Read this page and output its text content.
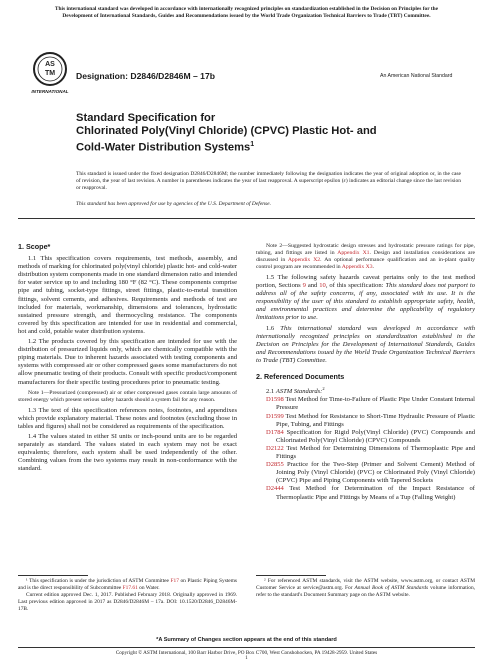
This international standard was developed in accordance with internationally recognized principles on standardization established in the Decision on Principles for the Development of International Standards, Guides and Recommendations issued by the World Trade Organization Technical Barriers to Trade (TBT) Committee.
AS
TM
INTERNATIONAL
Designation: D2846/D2846M – 17b	An American National Standard
Standard Specification for
Chlorinated Poly(Vinyl Chloride) (CPVC) Plastic Hot- and
Cold-Water Distribution Systems$^1$
This standard is issued under the fixed designation D2846/D2846M; the number immediately following the designation indicates the year of original adoption or, in the case of revision, the year of last revision. A number in parentheses indicates the year of last reapproval. A superscript epsilon (ε) indicates an editorial change since the last revision or reapproval.
This standard has been approved for use by agencies of the U.S. Department of Defense.

1. Scope*

1.1 This specification covers requirements, test methods, assembly, and methods of marking for chlorinated poly(vinyl chloride) plastic hot- and cold-water distribution system components made in one standard dimension ratio and intended for water service up to and including 180 °F (82 °C). These components comprise pipe and tubing, socket-type fittings, street fittings, plastic-to-metal transition fittings, solvent cements, and adhesives. Requirements and methods of test are included for materials, workmanship, dimensions and tolerances, hydrostatic sustained pressure strength, and thermocycling resistance. The components covered by this specification are intended for use in residential and commercial, hot and cold, potable water distribution systems.

1.2 The products covered by this specification are intended for use with the distribution of pressurized liquids only, which are chemically compatible with the piping materials. Due to inherent hazards associated with testing components and systems with compressed air or other compressed gases some manufacturers do not allow pneumatic testing of their products. Consult with specific product/component manufacturers for their specific testing procedures prior to pneumatic testing.

Note 1—Pressurized (compressed) air or other compressed gases contain large amounts of stored energy which present serious safety hazards should a system fail for any reason.

1.3 The text of this specification references notes, footnotes, and appendixes which provide explanatory material. These notes and footnotes (excluding those in tables and figures) shall not be considered as requirements of the specification.

1.4 The values stated in either SI units or inch-pound units are to be regarded separately as standard. The values stated in each system may not be exact equivalents; therefore, each system shall be used independently of the other. Combining values from the two systems may result in non-conformance with the standard.

Note 2—Suggested hydrostatic design stresses and hydrostatic pressure ratings for pipe, tubing, and fittings are listed in Appendix X1. Design and installation considerations are discussed in Appendix X2. An optional performance qualification and an in-plant quality control program are recommended in Appendix X3.

1.5 The following safety hazards caveat pertains only to the test method portion, Sections 9 and 10, of this specification: This standard does not purport to address all of the safety concerns, if any, associated with its use. It is the responsibility of the user of this standard to establish appropriate safety, health, and environmental practices and determine the applicability of regulatory limitations prior to use.

1.6 This international standard was developed in accordance with internationally recognized principles on standardization established in the Decision on Principles for the Development of International Standards, Guides and Recommendations issued by the World Trade Organization Technical Barriers to Trade (TBT) Committee.

2. Referenced Documents

2.1 ASTM Standards:$^2$

D1598 Test Method for Time-to-Failure of Plastic Pipe Under Constant Internal Pressure

D1599 Test Method for Resistance to Short-Time Hydraulic Pressure of Plastic Pipe, Tubing, and Fittings

D1784 Specification for Rigid Poly(Vinyl Chloride) (PVC) Compounds and Chlorinated Poly(Vinyl Chloride) (CPVC) Compounds

D2122 Test Method for Determining Dimensions of Thermoplastic Pipe and Fittings

D2855 Practice for the Two-Step (Primer and Solvent Cement) Method of Joining Poly (Vinyl Chloride) (PVC) or Chlorinated Poly (Vinyl Chloride) (CPVC) Pipe and Piping Components with Tapered Sockets

D2444 Test Method for Determination of the Impact Resistance of Thermoplastic Pipe and Fittings by Means of a Tup (Falling Weight)

¹ This specification is under the jurisdiction of ASTM Committee F17 on Plastic Piping Systems and is the direct responsibility of Subcommittee F17.61 on Water.
Current edition approved Dec. 1, 2017. Published February 2018. Originally approved in 1969. Last previous edition approved in 2017 as D2846/D2846M – 17a. DOI: 10.1520/D2846_D2846M-17B.
² For referenced ASTM standards, visit the ASTM website, www.astm.org, or contact ASTM Customer Service at service@astm.org. For Annual Book of ASTM Standards volume information, refer to the standard's Document Summary page on the ASTM website.
*A Summary of Changes section appears at the end of this standard
Copyright © ASTM International, 100 Barr Harbor Drive, PO Box C700, West Conshohocken, PA 19428-2959. United States
1
